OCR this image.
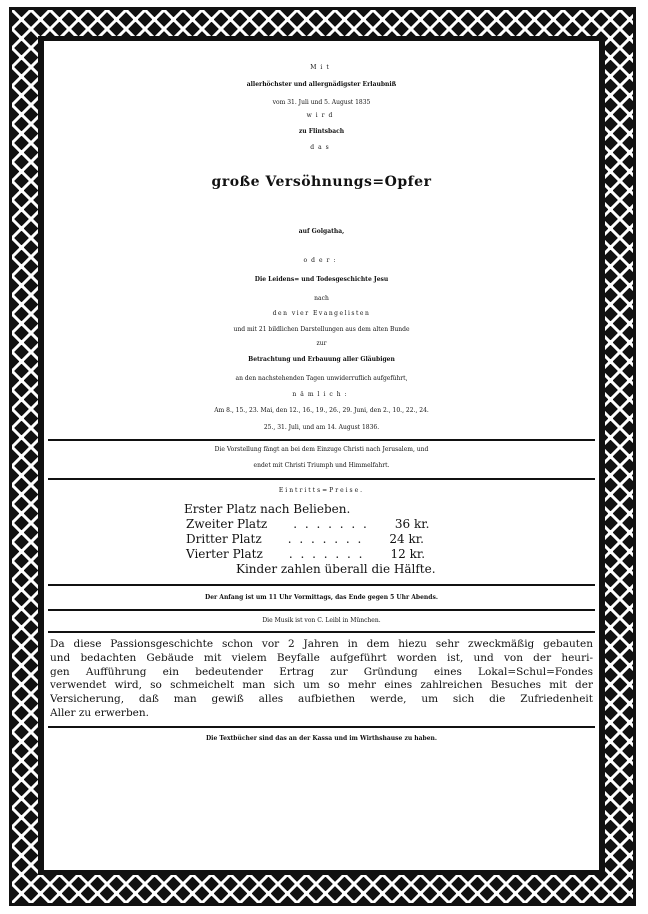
Mit
allerhöchster und allergnädigster Erlaubniß
vom 31. Juli und 5. August 1835
wird
zu Flintsbach
das
große Versöhnungs=Opfer
auf Golgatha,
oder:
Die Leidens= und Todesgeschichte Jesu
nach
den vier Evangelisten
und mit 21 bildlichen Darstellungen aus dem alten Bunde
zur
Betrachtung und Erbauung aller Gläubigen
an den nachstehenden Tagen unwiderruflich aufgeführt,
nämlich:
Am 8., 15., 23. Mai, den 12., 16., 19., 26., 29. Juni, den 2., 10., 22., 24.
25., 31. Juli, und am 14. August 1836.
Die Vorstellung fängt an bei dem Einzuge Christi nach Jerusalem, und
endet mit Christi Triumph und Himmelfahrt.
Eintritts=Preise.
Erster Platz nach Belieben.
Zweiter Platz . . . . . . . 36 kr.
Dritter Platz . . . . . . . 24 kr.
Vierter Platz . . . . . . . 12 kr.
Kinder zahlen überall die Hälfte.
Der Anfang ist um 11 Uhr Vormittags, das Ende gegen 5 Uhr Abends.
Die Musik ist von C. Leibl in München.
Da diese Passionsgeschichte schon vor 2 Jahren in dem hiezu sehr zweckmäßig gebauten
und bedachten Gebäude mit vielem Beyfalle aufgeführt worden ist, und von der heuri-
gen Aufführung ein bedeutender Ertrag zur Gründung eines Lokal=Schul=Fondes
verwendet wird, so schmeichelt man sich um so mehr eines zahlreichen Besuches mit der
Versicherung, daß man gewiß alles aufbiethen werde, um sich die Zufriedenheit
Aller zu erwerben.
Die Textbücher sind das an der Kassa und im Wirthshause zu haben.
